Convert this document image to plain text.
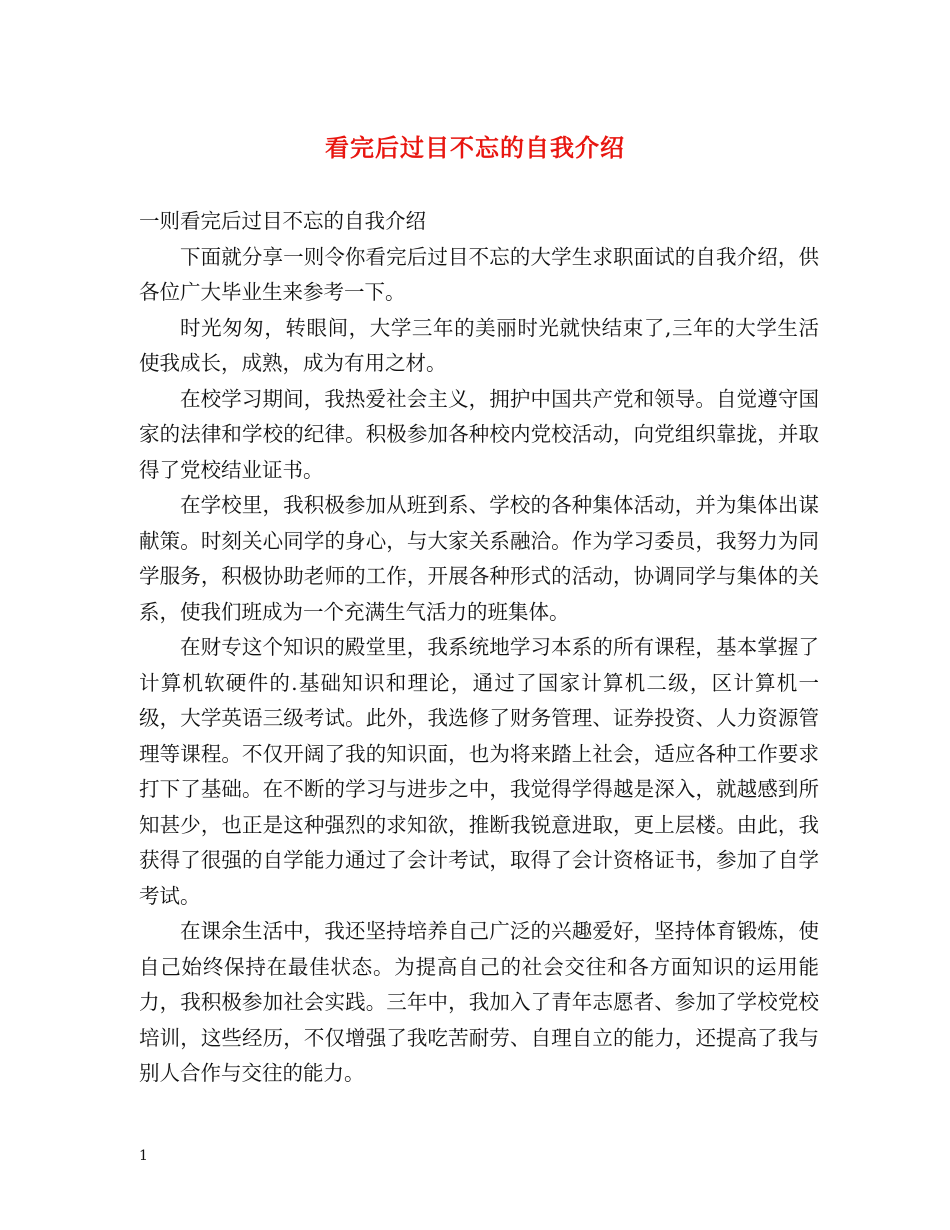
看完后过目不忘的自我介绍

一则看完后过目不忘的自我介绍

下面就分享一则令你看完后过目不忘的大学生求职面试的自我介绍，供各位广大毕业生来参考一下。

时光匆匆，转眼间，大学三年的美丽时光就快结束了,三年的大学生活使我成长，成熟，成为有用之材。

在校学习期间，我热爱社会主义，拥护中国共产党和领导。自觉遵守国家的法律和学校的纪律。积极参加各种校内党校活动，向党组织靠拢，并取得了党校结业证书。

在学校里，我积极参加从班到系、学校的各种集体活动，并为集体出谋献策。时刻关心同学的身心，与大家关系融洽。作为学习委员，我努力为同学服务，积极协助老师的工作，开展各种形式的活动，协调同学与集体的关系，使我们班成为一个充满生气活力的班集体。

在财专这个知识的殿堂里，我系统地学习本系的所有课程，基本掌握了计算机软硬件的.基础知识和理论，通过了国家计算机二级，区计算机一级，大学英语三级考试。此外，我选修了财务管理、证券投资、人力资源管理等课程。不仅开阔了我的知识面，也为将来踏上社会，适应各种工作要求打下了基础。在不断的学习与进步之中，我觉得学得越是深入，就越感到所知甚少，也正是这种强烈的求知欲，推断我锐意进取，更上层楼。由此，我获得了很强的自学能力通过了会计考试，取得了会计资格证书，参加了自学考试。

在课余生活中，我还坚持培养自己广泛的兴趣爱好，坚持体育锻炼，使自己始终保持在最佳状态。为提高自己的社会交往和各方面知识的运用能力，我积极参加社会实践。三年中，我加入了青年志愿者、参加了学校党校培训，这些经历，不仅增强了我吃苦耐劳、自理自立的能力，还提高了我与别人合作与交往的能力。

1
